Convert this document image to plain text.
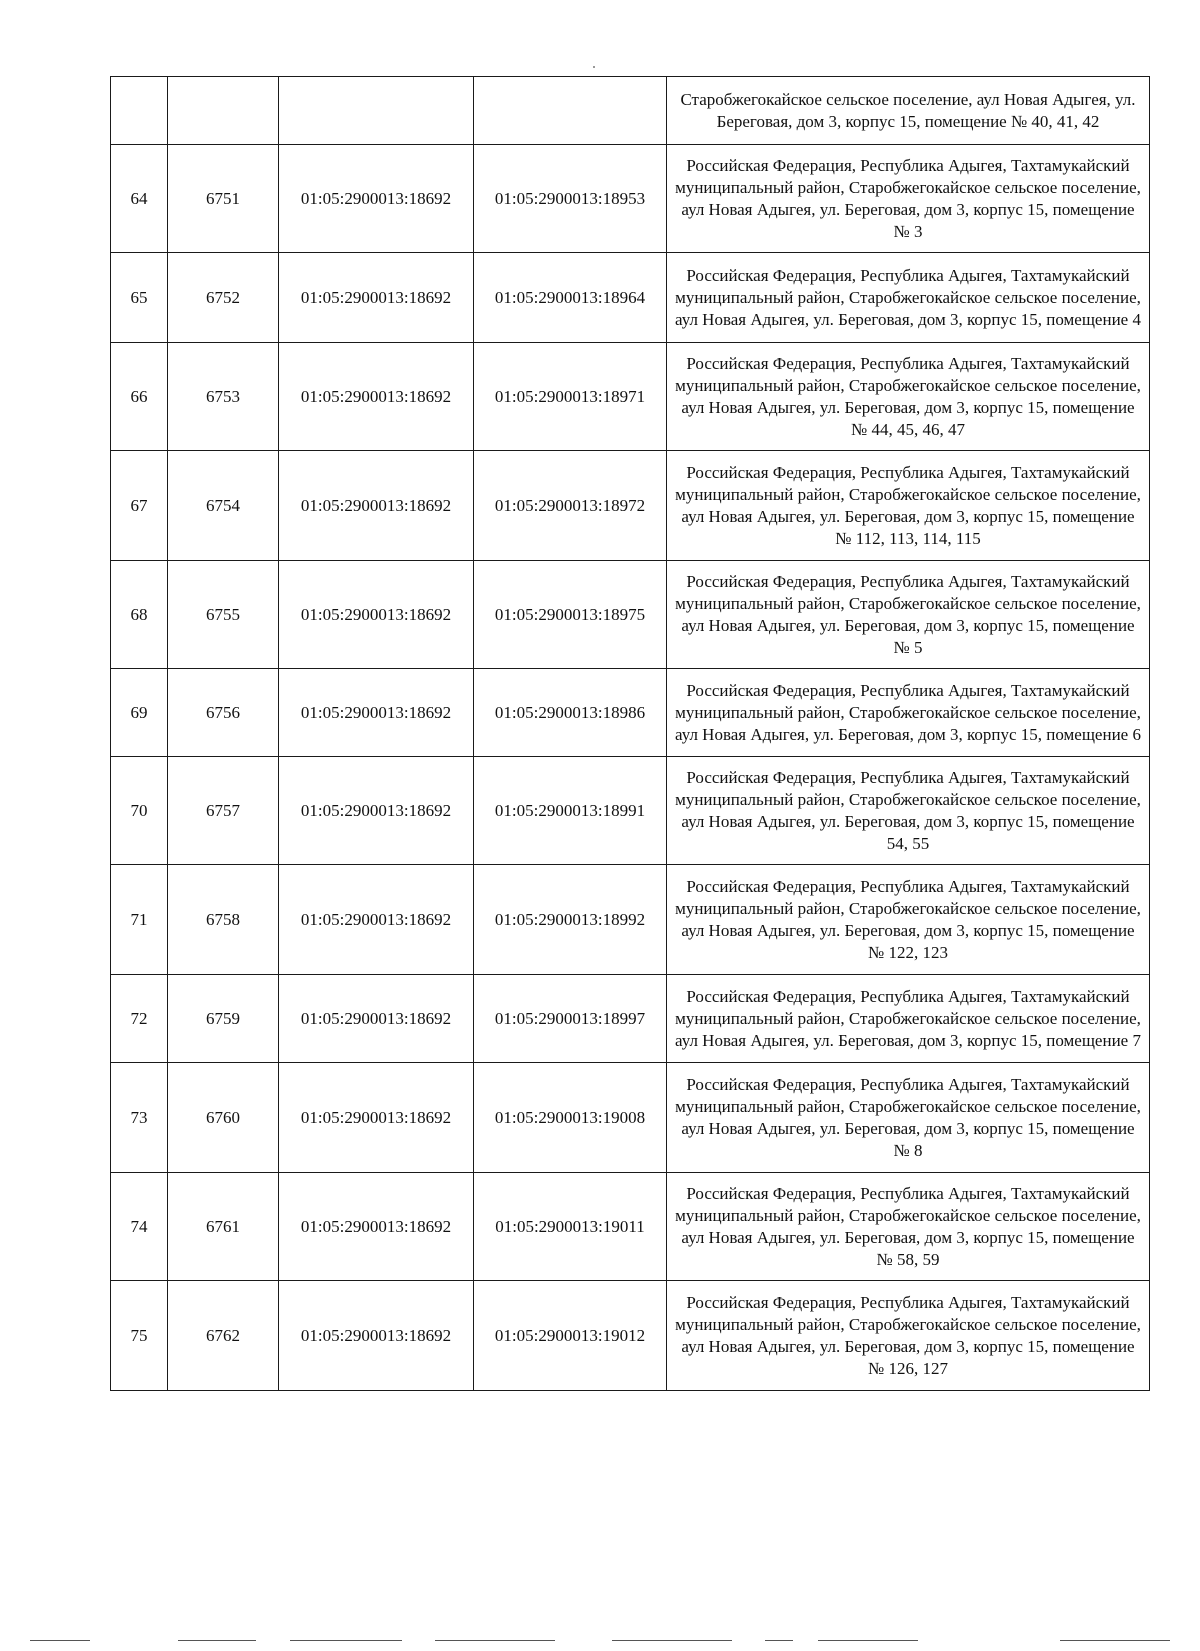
				Старобжегокайское сельское поселение, аул Новая Адыгея, ул. Береговая, дом 3, корпус 15, помещение № 40, 41, 42
64	6751	01:05:2900013:18692	01:05:2900013:18953	Российская Федерация, Республика Адыгея, Тахтамукайский муниципальный район, Старобжегокайское сельское поселение, аул Новая Адыгея, ул. Береговая, дом 3, корпус 15, помещение № 3
65	6752	01:05:2900013:18692	01:05:2900013:18964	Российская Федерация, Республика Адыгея, Тахтамукайский муниципальный район, Старобжегокайское сельское поселение, аул Новая Адыгея, ул. Береговая, дом 3, корпус 15, помещение 4
66	6753	01:05:2900013:18692	01:05:2900013:18971	Российская Федерация, Республика Адыгея, Тахтамукайский муниципальный район, Старобжегокайское сельское поселение, аул Новая Адыгея, ул. Береговая, дом 3, корпус 15, помещение № 44, 45, 46, 47
67	6754	01:05:2900013:18692	01:05:2900013:18972	Российская Федерация, Республика Адыгея, Тахтамукайский муниципальный район, Старобжегокайское сельское поселение, аул Новая Адыгея, ул. Береговая, дом 3, корпус 15, помещение № 112, 113, 114, 115
68	6755	01:05:2900013:18692	01:05:2900013:18975	Российская Федерация, Республика Адыгея, Тахтамукайский муниципальный район, Старобжегокайское сельское поселение, аул Новая Адыгея, ул. Береговая, дом 3, корпус 15, помещение № 5
69	6756	01:05:2900013:18692	01:05:2900013:18986	Российская Федерация, Республика Адыгея, Тахтамукайский муниципальный район, Старобжегокайское сельское поселение, аул Новая Адыгея, ул. Береговая, дом 3, корпус 15, помещение 6
70	6757	01:05:2900013:18692	01:05:2900013:18991	Российская Федерация, Республика Адыгея, Тахтамукайский муниципальный район, Старобжегокайское сельское поселение, аул Новая Адыгея, ул. Береговая, дом 3, корпус 15, помещение 54, 55
71	6758	01:05:2900013:18692	01:05:2900013:18992	Российская Федерация, Республика Адыгея, Тахтамукайский муниципальный район, Старобжегокайское сельское поселение, аул Новая Адыгея, ул. Береговая, дом 3, корпус 15, помещение № 122, 123
72	6759	01:05:2900013:18692	01:05:2900013:18997	Российская Федерация, Республика Адыгея, Тахтамукайский муниципальный район, Старобжегокайское сельское поселение, аул Новая Адыгея, ул. Береговая, дом 3, корпус 15, помещение 7
73	6760	01:05:2900013:18692	01:05:2900013:19008	Российская Федерация, Республика Адыгея, Тахтамукайский муниципальный район, Старобжегокайское сельское поселение, аул Новая Адыгея, ул. Береговая, дом 3, корпус 15, помещение № 8
74	6761	01:05:2900013:18692	01:05:2900013:19011	Российская Федерация, Республика Адыгея, Тахтамукайский муниципальный район, Старобжегокайское сельское поселение, аул Новая Адыгея, ул. Береговая, дом 3, корпус 15, помещение № 58, 59
75	6762	01:05:2900013:18692	01:05:2900013:19012	Российская Федерация, Республика Адыгея, Тахтамукайский муниципальный район, Старобжегокайское сельское поселение, аул Новая Адыгея, ул. Береговая, дом 3, корпус 15, помещение № 126, 127
